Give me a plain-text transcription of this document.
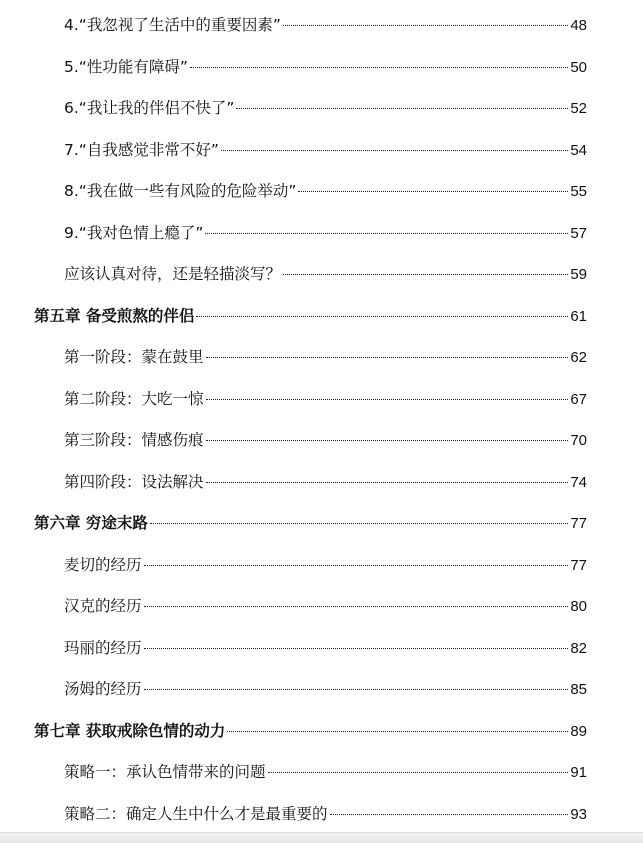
4.“我忽视了生活中的重要因素”	48
5.“性功能有障碍”	50
6.“我让我的伴侣不快了”	52
7.“自我感觉非常不好”	54
8.“我在做一些有风险的危险举动”	55
9.“我对色情上瘾了”	57
应该认真对待，还是轻描淡写？	59
第五章 备受煎熬的伴侣	61
第一阶段：蒙在鼓里	62
第二阶段：大吃一惊	67
第三阶段：情感伤痕	70
第四阶段：设法解决	74
第六章 穷途末路	77
麦切的经历	77
汉克的经历	80
玛丽的经历	82
汤姆的经历	85
第七章 获取戒除色情的动力	89
策略一：承认色情带来的问题	91
策略二：确定人生中什么才是最重要的	93
